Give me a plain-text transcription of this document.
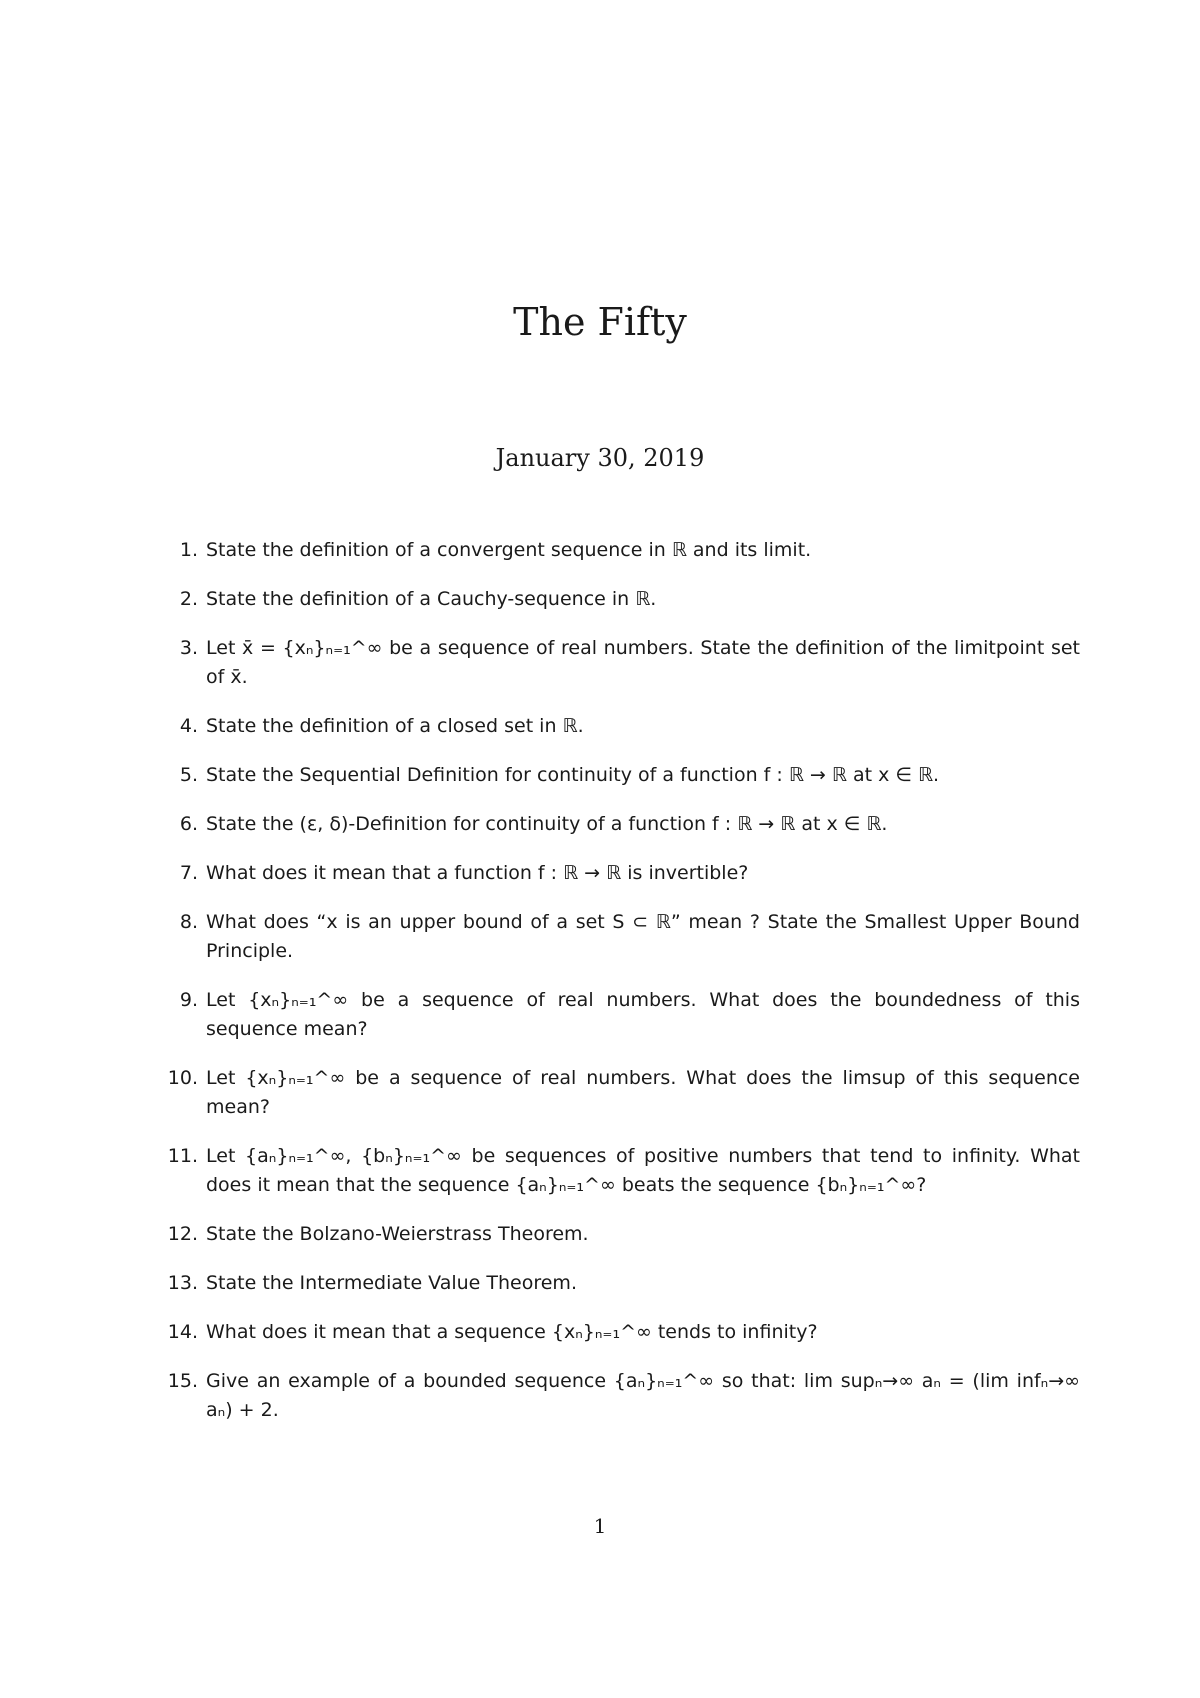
The Fifty
January 30, 2019
1. State the definition of a convergent sequence in ℝ and its limit.
2. State the definition of a Cauchy-sequence in ℝ.
3. Let x̄ = {xₙ}ₙ₌₁^∞ be a sequence of real numbers. State the definition of the limitpoint set of x̄.
4. State the definition of a closed set in ℝ.
5. State the Sequential Definition for continuity of a function f : ℝ → ℝ at x ∈ ℝ.
6. State the (ε, δ)-Definition for continuity of a function f : ℝ → ℝ at x ∈ ℝ.
7. What does it mean that a function f : ℝ → ℝ is invertible?
8. What does “x is an upper bound of a set S ⊂ ℝ” mean ? State the Smallest Upper Bound Principle.
9. Let {xₙ}ₙ₌₁^∞ be a sequence of real numbers. What does the boundedness of this sequence mean?
10. Let {xₙ}ₙ₌₁^∞ be a sequence of real numbers. What does the limsup of this sequence mean?
11. Let {aₙ}ₙ₌₁^∞, {bₙ}ₙ₌₁^∞ be sequences of positive numbers that tend to infinity. What does it mean that the sequence {aₙ}ₙ₌₁^∞ beats the sequence {bₙ}ₙ₌₁^∞?
12. State the Bolzano-Weierstrass Theorem.
13. State the Intermediate Value Theorem.
14. What does it mean that a sequence {xₙ}ₙ₌₁^∞ tends to infinity?
15. Give an example of a bounded sequence {aₙ}ₙ₌₁^∞ so that: lim supₙ→∞ aₙ = (lim infₙ→∞ aₙ) + 2.
1
